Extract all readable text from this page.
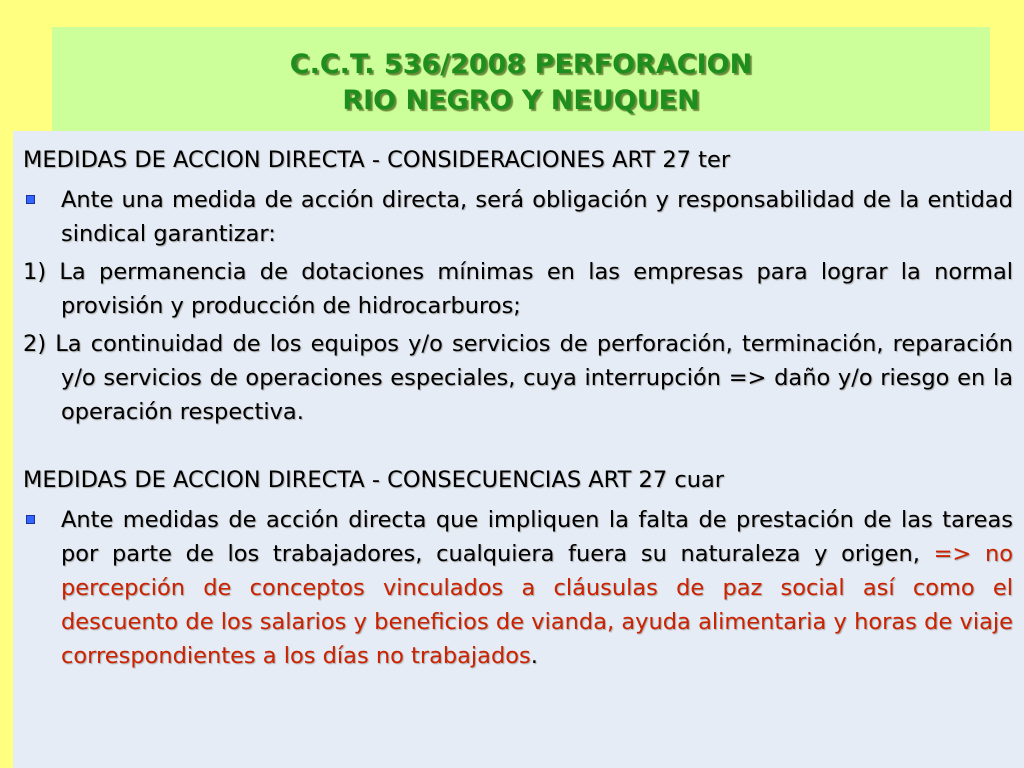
C.C.T. 536/2008 PERFORACION
RIO NEGRO Y NEUQUEN

MEDIDAS DE ACCION DIRECTA - CONSIDERACIONES ART 27 ter

Ante una medida de acción directa, será obligación y responsabilidad de la entidad sindical garantizar:
1) La permanencia de dotaciones mínimas en las empresas para lograr la normal provisión y producción de hidrocarburos;
2) La continuidad de los equipos y/o servicios de perforación, terminación, reparación y/o servicios de operaciones especiales, cuya interrupción => daño y/o riesgo en la operación respectiva.

MEDIDAS DE ACCION DIRECTA - CONSECUENCIAS ART 27 cuar

Ante medidas de acción directa que impliquen la falta de prestación de las tareas por parte de los trabajadores, cualquiera fuera su naturaleza y origen, => no percepción de conceptos vinculados a cláusulas de paz social así como el descuento de los salarios y beneficios de vianda, ayuda alimentaria y horas de viaje correspondientes a los días no trabajados.
